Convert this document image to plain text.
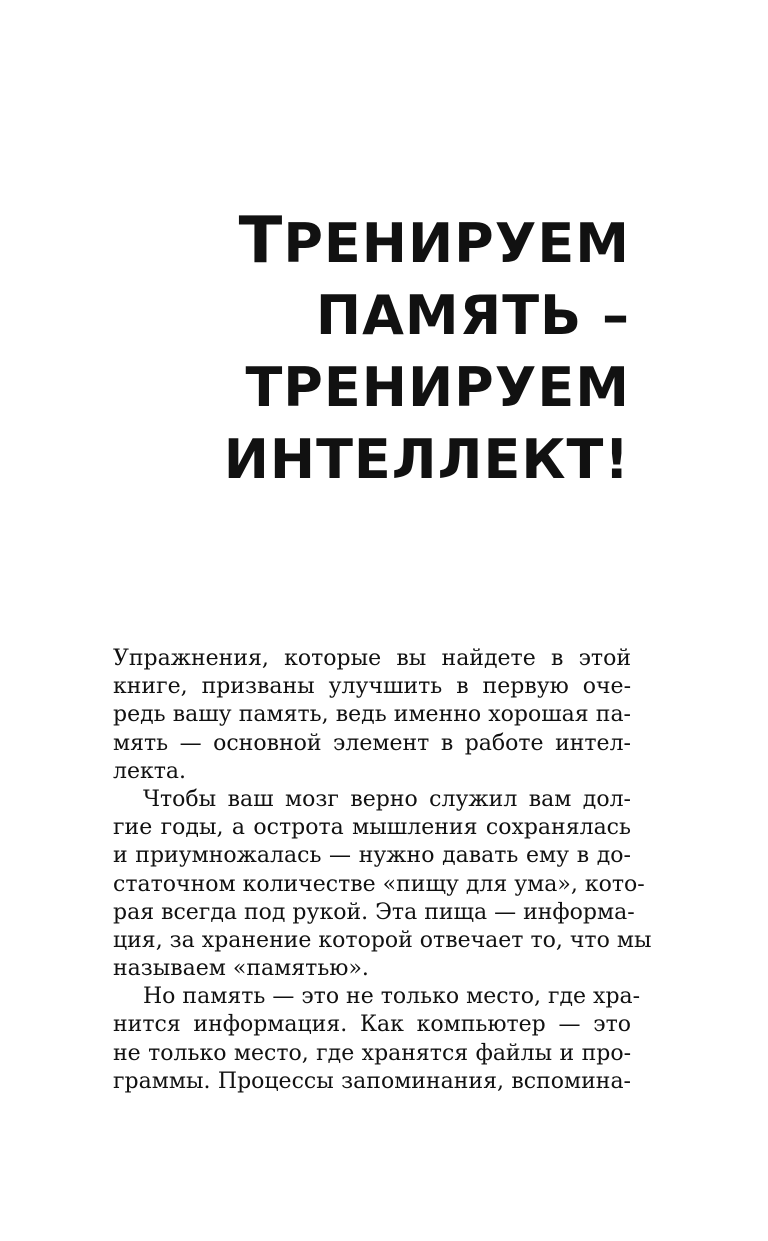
ТРЕНИРУЕМ
ПАМЯТЬ –
ТРЕНИРУЕМ
ИНТЕЛЛЕКТ!
Упражнения, которые вы найдете в этой
книге, призваны улучшить в первую оче-
редь вашу память, ведь именно хорошая па-
мять — основной элемент в работе интел-
лекта.
Чтобы ваш мозг верно служил вам дол-
гие годы, а острота мышления сохранялась
и приумножалась — нужно давать ему в до-
статочном количестве «пищу для ума», кото-
рая всегда под рукой. Эта пища — информа-
ция, за хранение которой отвечает то, что мы
называем «памятью».
Но память — это не только место, где хра-
нится информация. Как компьютер — это
не только место, где хранятся файлы и про-
граммы. Процессы запоминания, вспомина-
